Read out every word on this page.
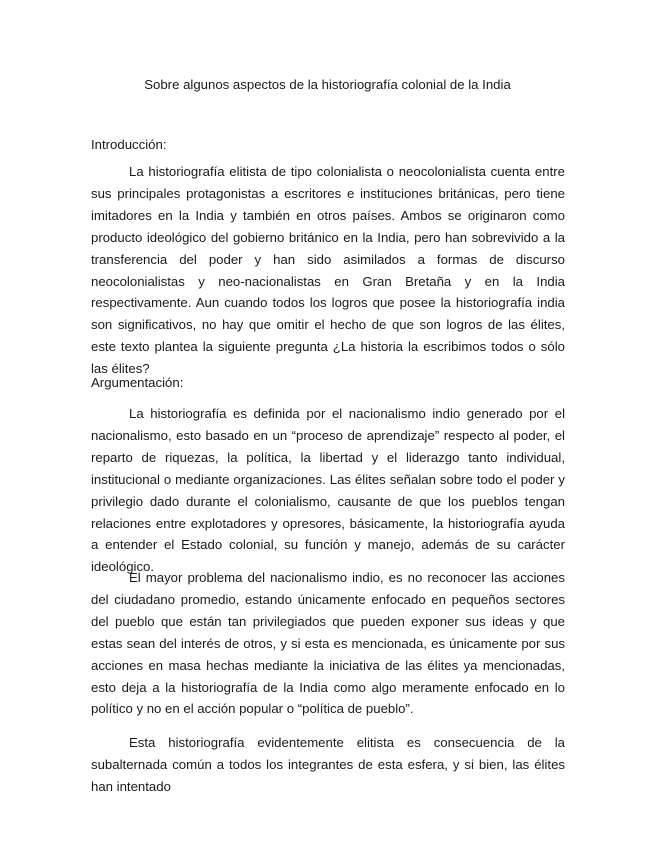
Sobre algunos aspectos de la historiografía colonial de la India
Introducción:

La historiografía elitista de tipo colonialista o neocolonialista cuenta entre sus principales protagonistas a escritores e instituciones británicas, pero tiene imitadores en la India y también en otros países. Ambos se originaron como producto ideológico del gobierno británico en la India, pero han sobrevivido a la transferencia del poder y han sido asimilados a formas de discurso neocolonialistas y neo-nacionalistas en Gran Bretaña y en la India respectivamente. Aun cuando todos los logros que posee la historiografía india son significativos, no hay que omitir el hecho de que son logros de las élites, este texto plantea la siguiente pregunta ¿La historia la escribimos todos o sólo las élites?

Argumentación:

La historiografía es definida por el nacionalismo indio generado por el nacionalismo, esto basado en un “proceso de aprendizaje” respecto al poder, el reparto de riquezas, la política, la libertad y el liderazgo tanto individual, institucional o mediante organizaciones. Las élites señalan sobre todo el poder y privilegio dado durante el colonialismo, causante de que los pueblos tengan relaciones entre explotadores y opresores, básicamente, la historiografía ayuda a entender el Estado colonial, su función y manejo, además de su carácter ideológico.

El mayor problema del nacionalismo indio, es no reconocer las acciones del ciudadano promedio, estando únicamente enfocado en pequeños sectores del pueblo que están tan privilegiados que pueden exponer sus ideas y que estas sean del interés de otros, y si esta es mencionada, es únicamente por sus acciones en masa hechas mediante la iniciativa de las élites ya mencionadas, esto deja a la historiografía de la India como algo meramente enfocado en lo político y no en el acción popular o “política de pueblo”.

Esta historiografía evidentemente elitista es consecuencia de la subalternada común a todos los integrantes de esta esfera, y si bien, las élites han intentado
